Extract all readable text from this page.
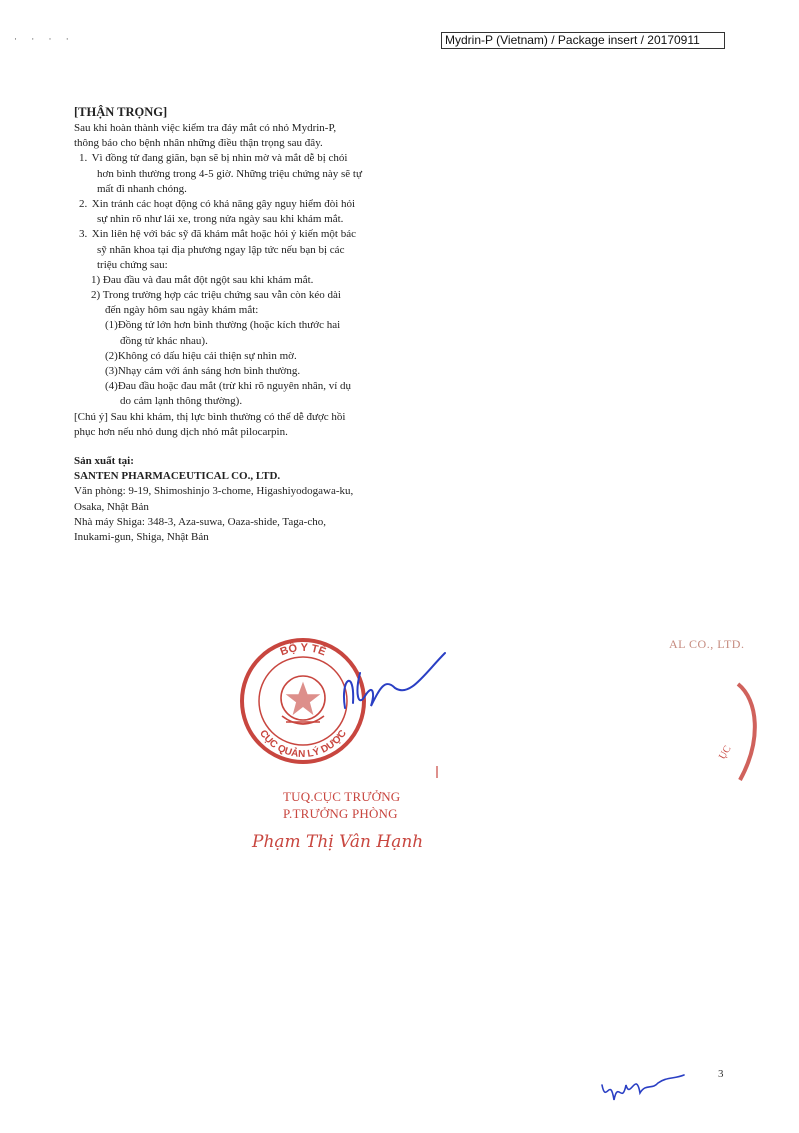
· · · ·	Mydrin-P (Vietnam) / Package insert / 20170911
[THẬN TRỌNG]
Sau khi hoàn thành việc kiểm tra đáy mắt có nhỏ Mydrin-P,
thông báo cho bệnh nhân những điều thận trọng sau đây.
1. Vì đồng tử đang giãn, bạn sẽ bị nhìn mờ và mắt dễ bị chói
hơn bình thường trong 4-5 giờ. Những triệu chứng này sẽ tự
mất đi nhanh chóng.
2. Xin tránh các hoạt động có khả năng gây nguy hiểm đòi hỏi
sự nhìn rõ như lái xe, trong nửa ngày sau khi khám mắt.
3. Xin liên hệ với bác sỹ đã khám mắt hoặc hỏi ý kiến một bác
sỹ nhãn khoa tại địa phương ngay lập tức nếu bạn bị các
triệu chứng sau:
1) Đau đầu và đau mắt đột ngột sau khi khám mắt.
2) Trong trường hợp các triệu chứng sau vẫn còn kéo dài
đến ngày hôm sau ngày khám mắt:
(1)Đồng tử lớn hơn bình thường (hoặc kích thước hai
đồng tử khác nhau).
(2)Không có dấu hiệu cải thiện sự nhìn mờ.
(3)Nhạy cảm với ánh sáng hơn bình thường.
(4)Đau đầu hoặc đau mắt (trừ khi rõ nguyên nhân, ví dụ
do cảm lạnh thông thường).
[Chú ý] Sau khi khám, thị lực bình thường có thể dễ được hồi
phục hơn nếu nhỏ dung dịch nhỏ mắt pilocarpin.
Sản xuất tại:
SANTEN PHARMACEUTICAL CO., LTD.
Văn phòng: 9-19, Shimoshinjo 3-chome, Higashiyodogawa-ku,
Osaka, Nhật Bản
Nhà máy Shiga: 348-3, Aza-suwa, Oaza-shide, Taga-cho,
Inukami-gun, Shiga, Nhật Bản
AL CO., LTD.
ỤC
BỘ Y TẾ
CỤC QUẢN LÝ DƯỢC
TUQ.CỤC TRƯỞNG
P.TRƯỞNG PHÒNG
Phạm Thị Vân Hạnh
3
